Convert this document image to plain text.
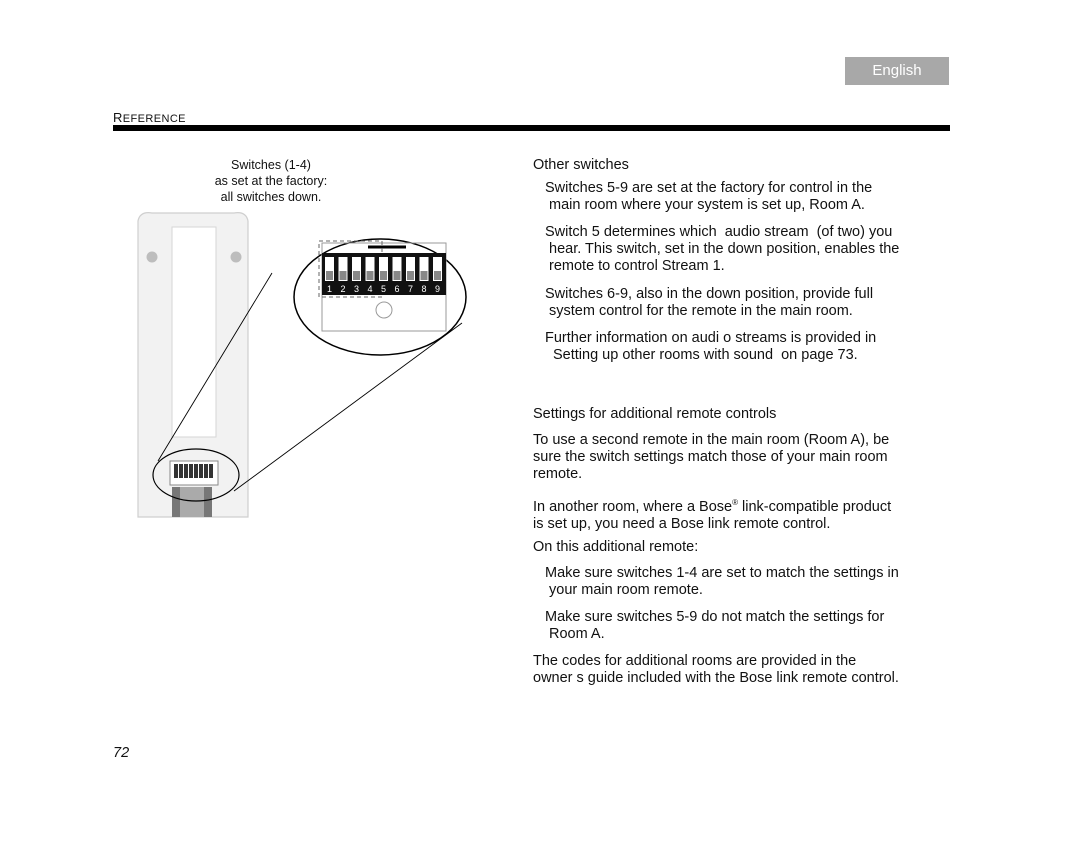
English
REFERENCE
Switches (1-4)
as set at the factory:
all switches down.
1 2 3 4 5 6 7 8 9
Other switches
Switches 5-9 are set at the factory for control in the
main room where your system is set up, Room A.
Switch 5 determines which  audio stream  (of two) you
hear. This switch, set in the down position, enables the
remote to control Stream 1.
Switches 6-9, also in the down position, provide full
system control for the remote in the main room.
Further information on audi o streams is provided in
Setting up other rooms with sound  on page 73.
Settings for additional remote controls
To use a second remote in the main room (Room A), be
sure the switch settings match those of your main room
remote.
In another room, where a Bose® link-compatible product
is set up, you need a Bose link remote control.
On this additional remote:
Make sure switches 1-4 are set to match the settings in
your main room remote.
Make sure switches 5-9 do not match the settings for
Room A.
The codes for additional rooms are provided in the
owner s guide included with the Bose link remote control.
72
